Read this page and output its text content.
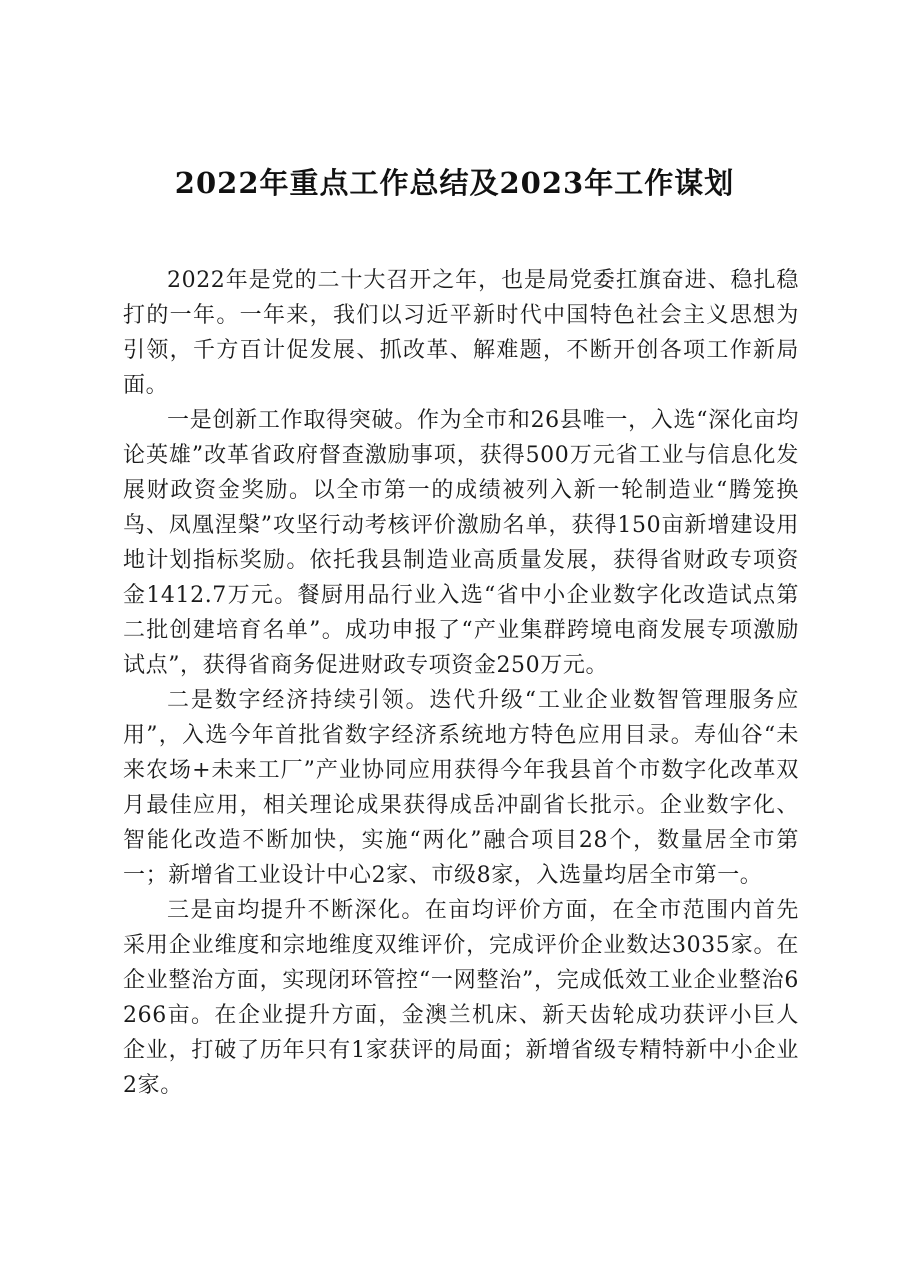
2022年重点工作总结及2023年工作谋划

2022年是党的二十大召开之年，也是局党委扛旗奋进、稳扎稳打的一年。一年来，我们以习近平新时代中国特色社会主义思想为引领，千方百计促发展、抓改革、解难题，不断开创各项工作新局面。

一是创新工作取得突破。作为全市和26县唯一，入选“深化亩均论英雄”改革省政府督查激励事项，获得500万元省工业与信息化发展财政资金奖励。以全市第一的成绩被列入新一轮制造业“腾笼换鸟、凤凰涅槃”攻坚行动考核评价激励名单，获得150亩新增建设用地计划指标奖励。依托我县制造业高质量发展，获得省财政专项资金1412.7万元。餐厨用品行业入选“省中小企业数字化改造试点第二批创建培育名单”。成功申报了“产业集群跨境电商发展专项激励试点”，获得省商务促进财政专项资金250万元。

二是数字经济持续引领。迭代升级“工业企业数智管理服务应用”，入选今年首批省数字经济系统地方特色应用目录。寿仙谷“未来农场+未来工厂”产业协同应用获得今年我县首个市数字化改革双月最佳应用，相关理论成果获得成岳冲副省长批示。企业数字化、智能化改造不断加快，实施“两化”融合项目28个，数量居全市第一；新增省工业设计中心2家、市级8家，入选量均居全市第一。

三是亩均提升不断深化。在亩均评价方面，在全市范围内首先采用企业维度和宗地维度双维评价，完成评价企业数达3035家。在企业整治方面，实现闭环管控“一网整治”，完成低效工业企业整治6266亩。在企业提升方面，金澳兰机床、新天齿轮成功获评小巨人企业，打破了历年只有1家获评的局面；新增省级专精特新中小企业2家。
